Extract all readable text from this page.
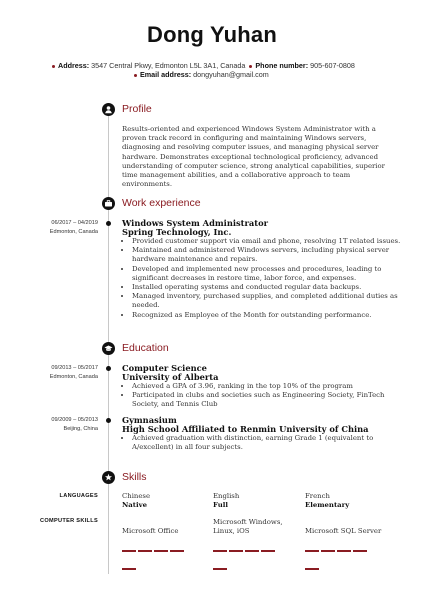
Dong Yuhan
Address: 3547 Central Pkwy, Edmonton L5L 3A1, Canada Phone number: 905-607-0808
Email address: dongyuhan@gmail.com
Profile
Results-oriented and experienced Windows System Administrator with a proven track record in configuring and maintaining Windows servers, diagnosing and resolving computer issues, and managing physical server hardware. Demonstrates exceptional technological proficiency, advanced understanding of computer science, strong analytical capabilities, superior time management abilities, and a collaborative approach to team environments.
Work experience
06/2017 – 04/2019
Edmonton, Canada
Windows System Administrator
Spring Technology, Inc.
• Provided customer support via email and phone, resolving 1T related issues.
• Maintained and administered Windows servers, including physical server hardware maintenance and repairs.
• Developed and implemented new processes and procedures, leading to significant decreases in restore time, labor force, and expenses.
• Installed operating systems and conducted regular data backups.
• Managed inventory, purchased supplies, and completed additional duties as needed.
• Recognized as Employee of the Month for outstanding performance.
Education
09/2013 – 05/2017
Edmonton, Canada
Computer Science
University of Alberta
• Achieved a GPA of 3.96, ranking in the top 10% of the program
• Participated in clubs and societies such as Engineering Society, FinTech Society, and Tennis Club
09/2009 – 05/2013
Beijing, China
Gymnasium
High School Affiliated to Renmin University of China
• Achieved graduation with distinction, earning Grade 1 (equivalent to A/excellent) in all four subjects.
Skills
LANGUAGES	Chinese
Native
English
Full
French
Elementary
COMPUTER SKILLS
Microsoft Office
Microsoft Windows, Linux, iOS	Microsoft SQL Server
